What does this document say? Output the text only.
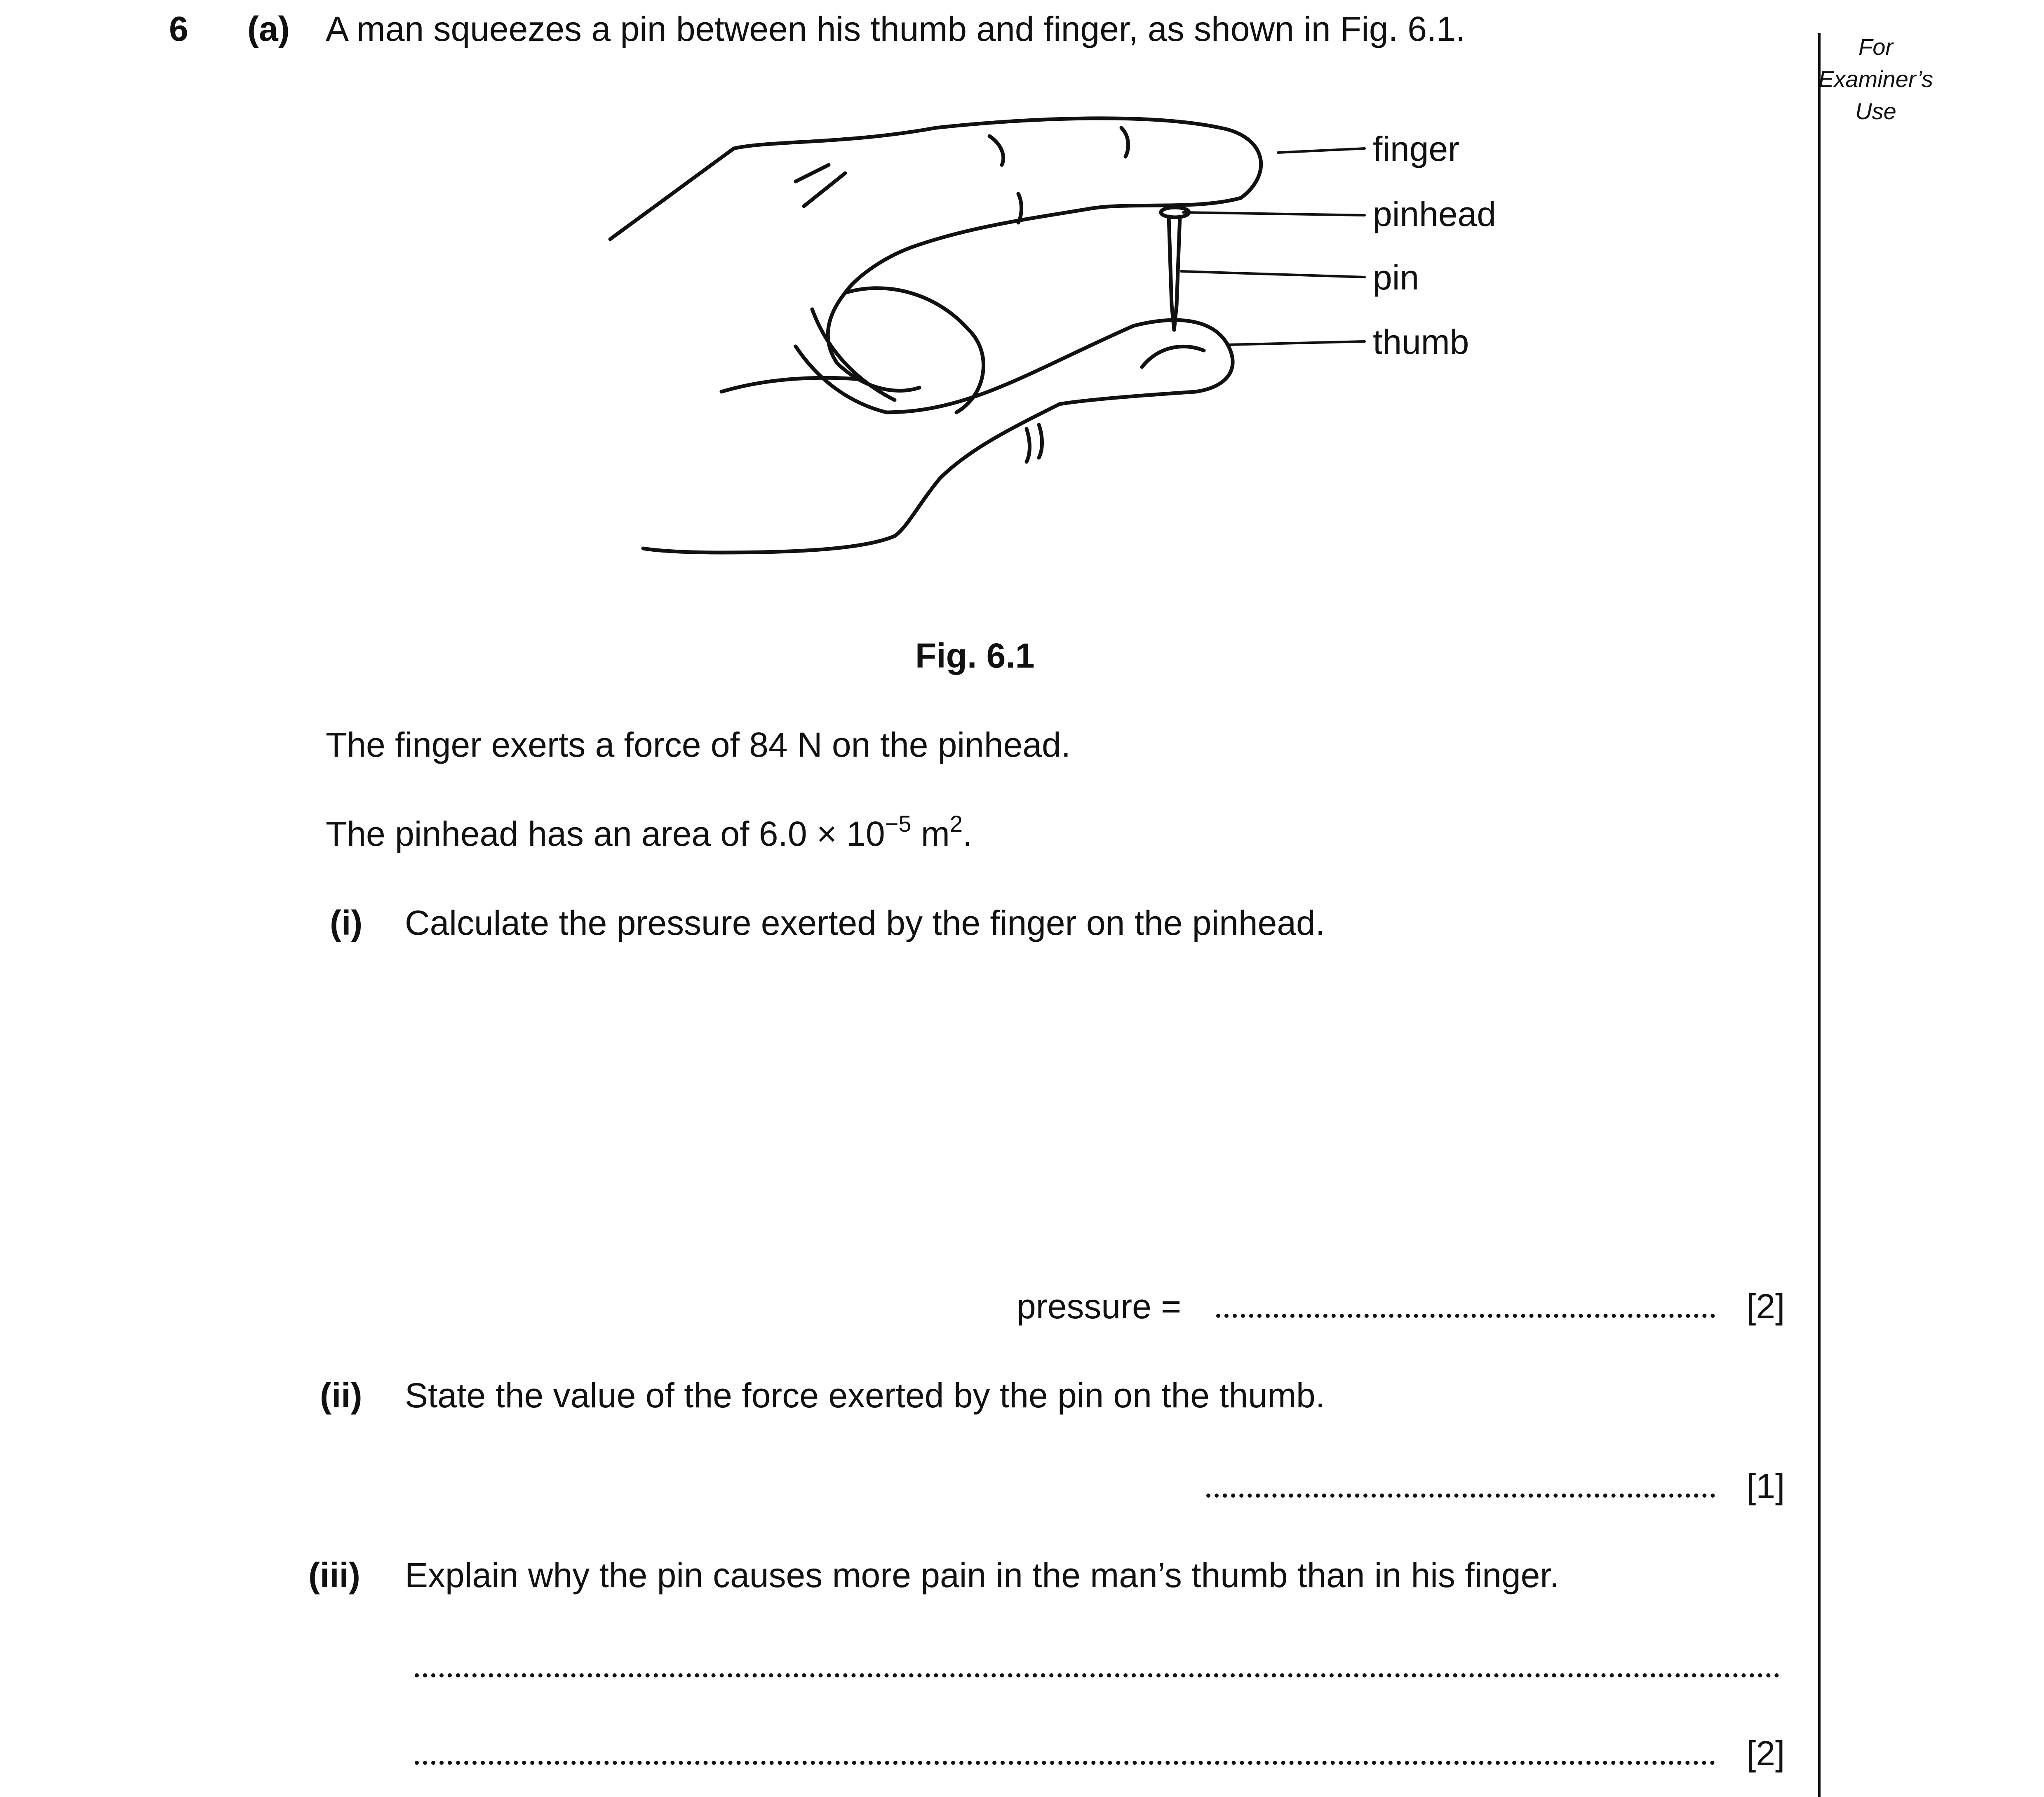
For
Examiner’s
Use
6 (a) A man squeezes a pin between his thumb and finger, as shown in Fig. 6.1.
finger
pinhead
pin
thumb
Fig. 6.1
The finger exerts a force of 84 N on the pinhead.
The pinhead has an area of $6.0 \times 10^{-5}$ $m^2$.
(i) Calculate the pressure exerted by the finger on the pinhead.
pressure =	[2]
(ii) State the value of the force exerted by the pin on the thumb.
[1]
(iii) Explain why the pin causes more pain in the man’s thumb than in his finger.
[2]
